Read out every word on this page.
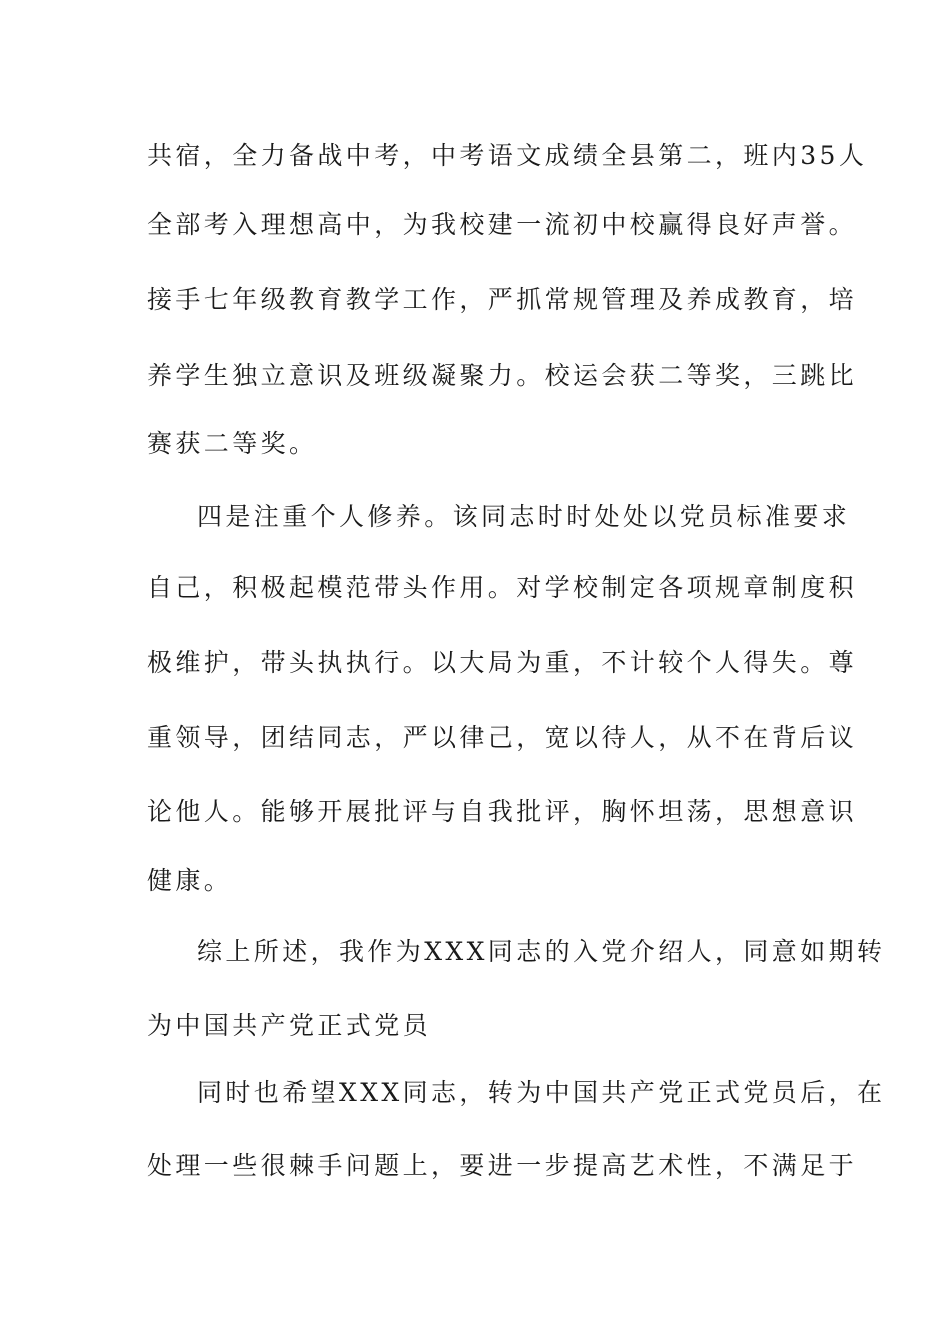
共宿，全力备战中考，中考语文成绩全县第二，班内35人
全部考入理想高中，为我校建一流初中校赢得良好声誉。
接手七年级教育教学工作，严抓常规管理及养成教育，培
养学生独立意识及班级凝聚力。校运会获二等奖，三跳比
赛获二等奖。
四是注重个人修养。该同志时时处处以党员标准要求
自己，积极起模范带头作用。对学校制定各项规章制度积
极维护，带头执执行。以大局为重，不计较个人得失。尊
重领导，团结同志，严以律己，宽以待人，从不在背后议
论他人。能够开展批评与自我批评，胸怀坦荡，思想意识
健康。
综上所述，我作为XXX同志的入党介绍人，同意如期转
为中国共产党正式党员
同时也希望XXX同志，转为中国共产党正式党员后，在
处理一些很棘手问题上，要进一步提高艺术性，不满足于
